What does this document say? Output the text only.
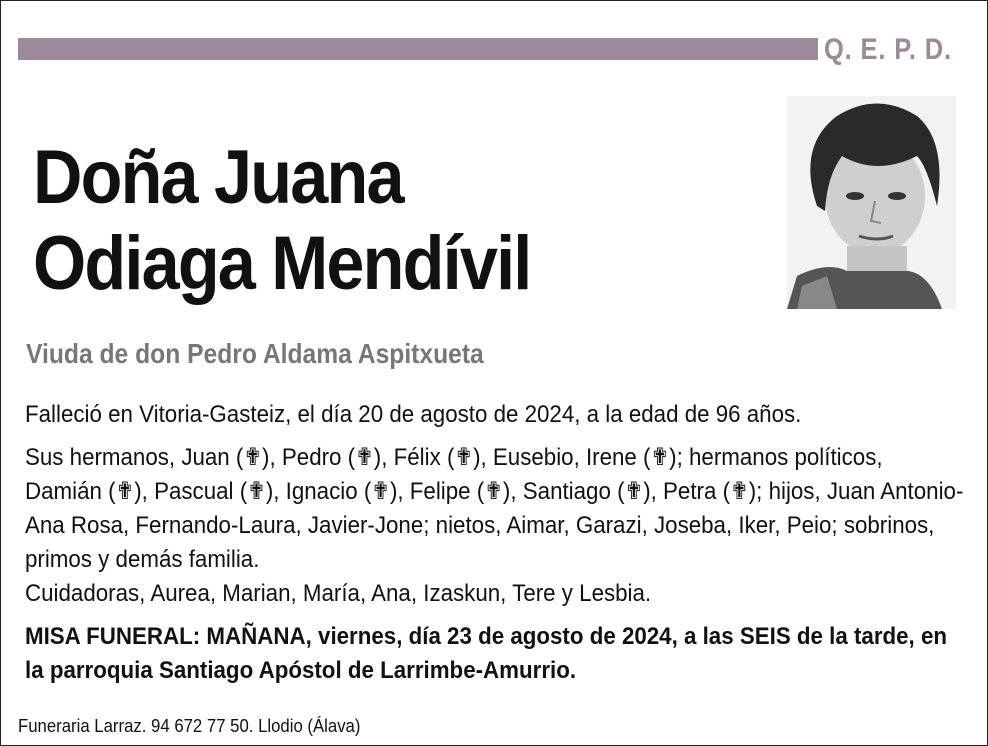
Q. E. P. D.
Doña Juana
Odiaga Mendívil
Viuda de don Pedro Aldama Aspitxueta

Falleció en Vitoria-Gasteiz, el día 20 de agosto de 2024, a la edad de 96 años.

Sus hermanos, Juan (✟), Pedro (✟), Félix (✟), Eusebio, Irene (✟); hermanos políticos, Damián (✟), Pascual (✟), Ignacio (✟), Felipe (✟), Santiago (✟), Petra (✟); hijos, Juan Antonio-Ana Rosa, Fernando-Laura, Javier-Jone; nietos, Aimar, Garazi, Joseba, Iker, Peio; sobrinos, primos y demás familia.

Cuidadoras, Aurea, Marian, María, Ana, Izaskun, Tere y Lesbia.

MISA FUNERAL: MAÑANA, viernes, día 23 de agosto de 2024, a las SEIS de la tarde, en la parroquia Santiago Apóstol de Larrimbe-Amurrio.

Funeraria Larraz. 94 672 77 50. Llodio (Álava)
